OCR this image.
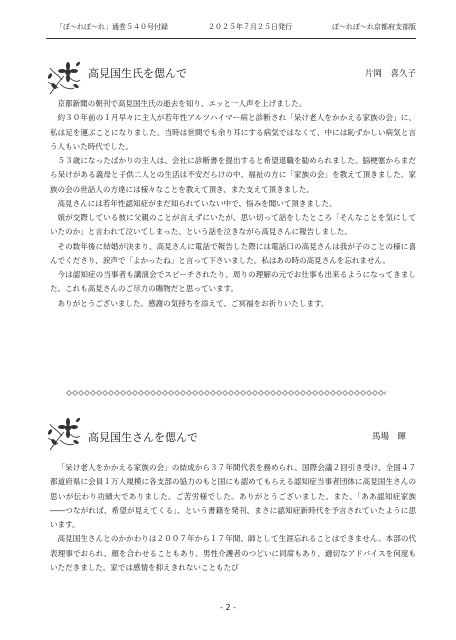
「ぼ～れぼ～れ」通巻５４０号付録	２０２５年７月２５日発行	ぼ～れぼ～れ京都府支部版
高見国生氏を偲んで	片岡　喜久子

京都新聞の朝刊で高見国生氏の逝去を知り、エッと一人声を上げました。

約３０年前の１月早々に主人が若年性アルツハイマー病と診断され「呆け老人をかかえる家族の会」に、私は足を運ぶことになりました。当時は世間でも余り耳にする病気ではなくて、中には恥ずかしい病気と言う人もいた時代でした。

５３歳になったばかりの主人は、会社に診断書を提出すると希望退職を勧められました。脳梗塞からまだら呆けがある義母と子供二人との生活は不安だらけの中、福祉の方に「家族の会」を教えて頂きました。家族の会の世話人の方達には様々なことを教えて頂き、また支えて頂きました。

高見さんには若年性認知症がまだ知られていない中で、悩みを聞いて頂きました。

娘が交際している彼に父親のことが言えずにいたが、思い切って話をしたところ「そんなことを気にしていたのか」と言われて泣いてしまった、という話を泣きながら高見さんに報告しました。

その数年後に結婚が決まり、高見さんに電話で報告した際には電話口の高見さんは我が子のことの様に喜んでくださり、涙声で「よかったね」と言って下さいました。私はあの時の高見さんを忘れません。

今は認知症の当事者も講演会でスピーチされたり、周りの理解の元でお仕事も出来るようになってきました。これも高見さんのご尽力の賜物だと思っています。

ありがとうございました。感謝の気持ちを添えて、ご冥福をお祈りいたします。

高見国生さんを偲んで	馬場　暉

「呆け老人をかかえる家族の会」の結成から３７年間代表を務められ、国際会議２回引き受け、全国４７都道府県に会員１万人規模に各支部の協力のもと国にも認めてもらえる認知症当事者団体に高見国生さんの思いが伝わり功績大でありました。ご苦労様でした。ありがとうございました。また、「ああ認知症家族――つながれば、希望が見えてくる」、という書籍を発刊、まさに認知症新時代を予言されていたように思います。

高見国生さんとのかかわりは２００７年から１７年間、師として生涯忘れることはできません。本部の代表理事でおられ、顔を合わせることもあり、男性介護者のつどいに同席もあり、適切なアドバイスを何度もいただきました。家では感情を抑えきれないこともたび

- 2 -
